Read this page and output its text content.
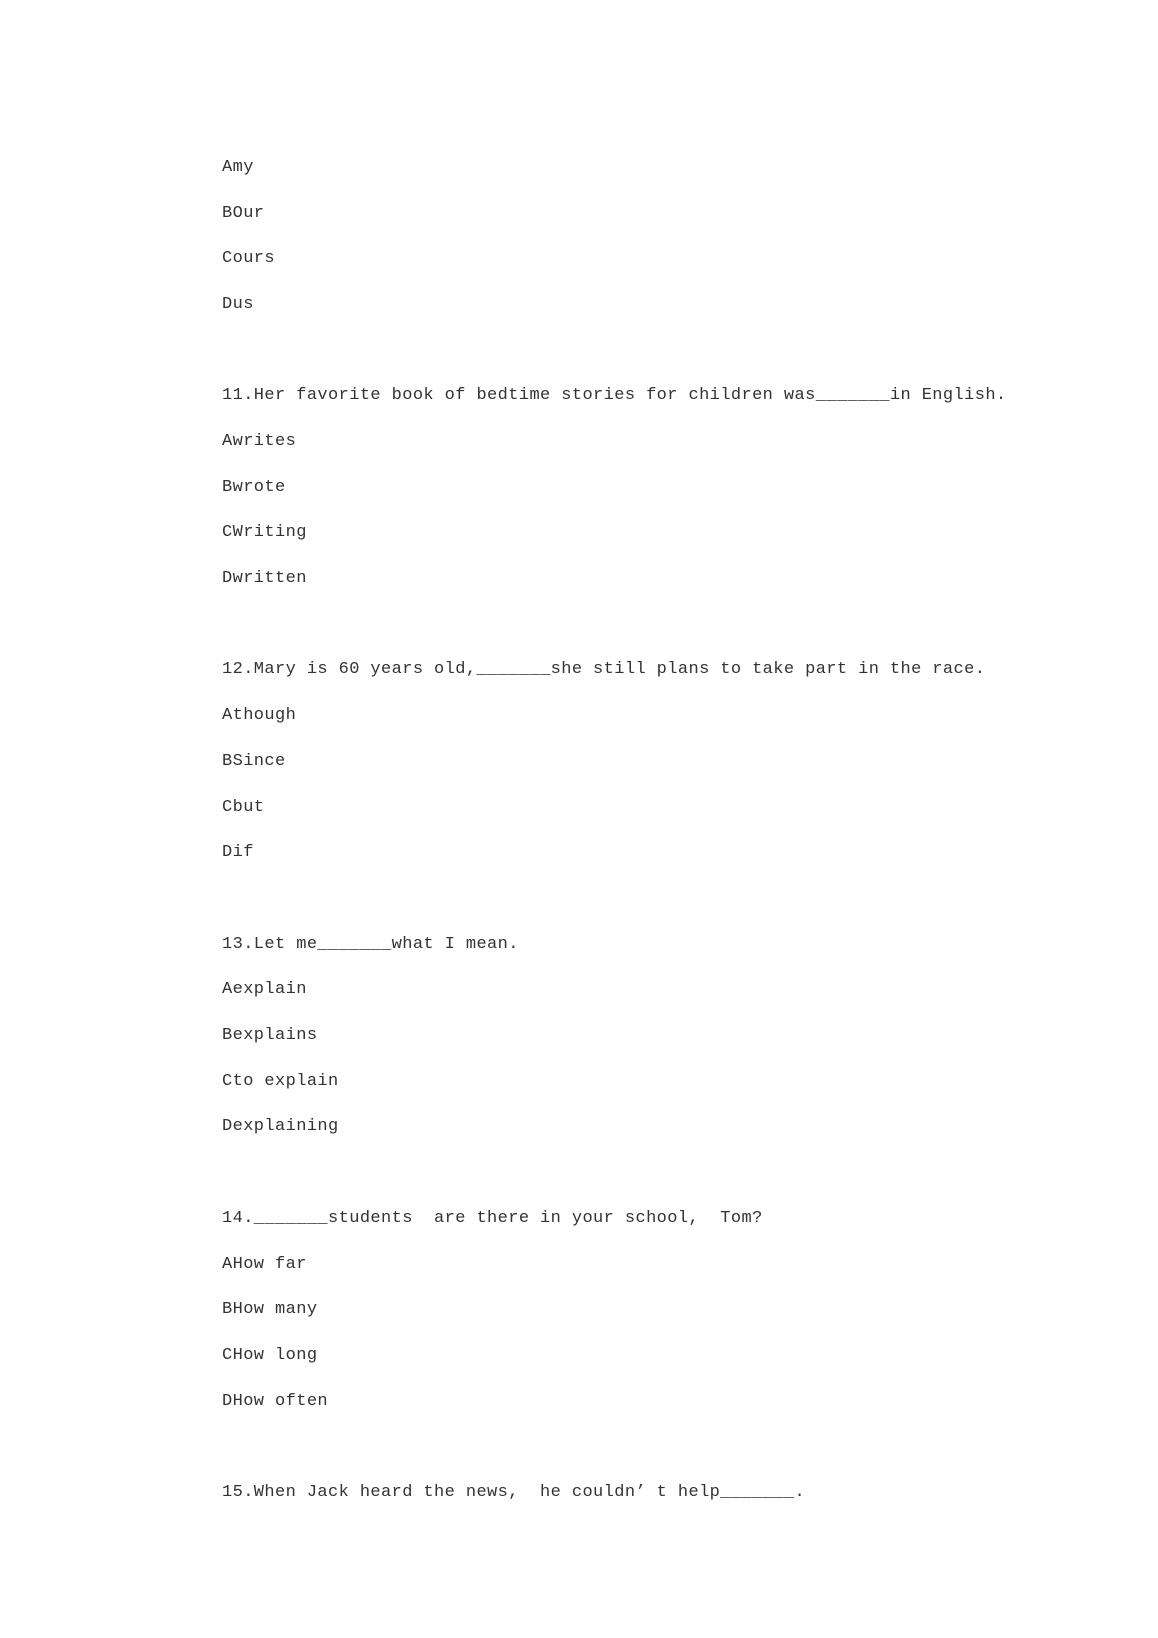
Amy
BOur
Cours
Dus
11.Her favorite book of bedtime stories for children was_______in English.
Awrites
Bwrote
CWriting
Dwritten
12.Mary is 60 years old,_______she still plans to take part in the race.
Athough
BSince
Cbut
Dif
13.Let me_______what I mean.
Aexplain
Bexplains
Cto explain
Dexplaining
14._______students  are there in your school,  Tom?
AHow far
BHow many
CHow long
DHow often
15.When Jack heard the news,  he couldn’ t help_______.
